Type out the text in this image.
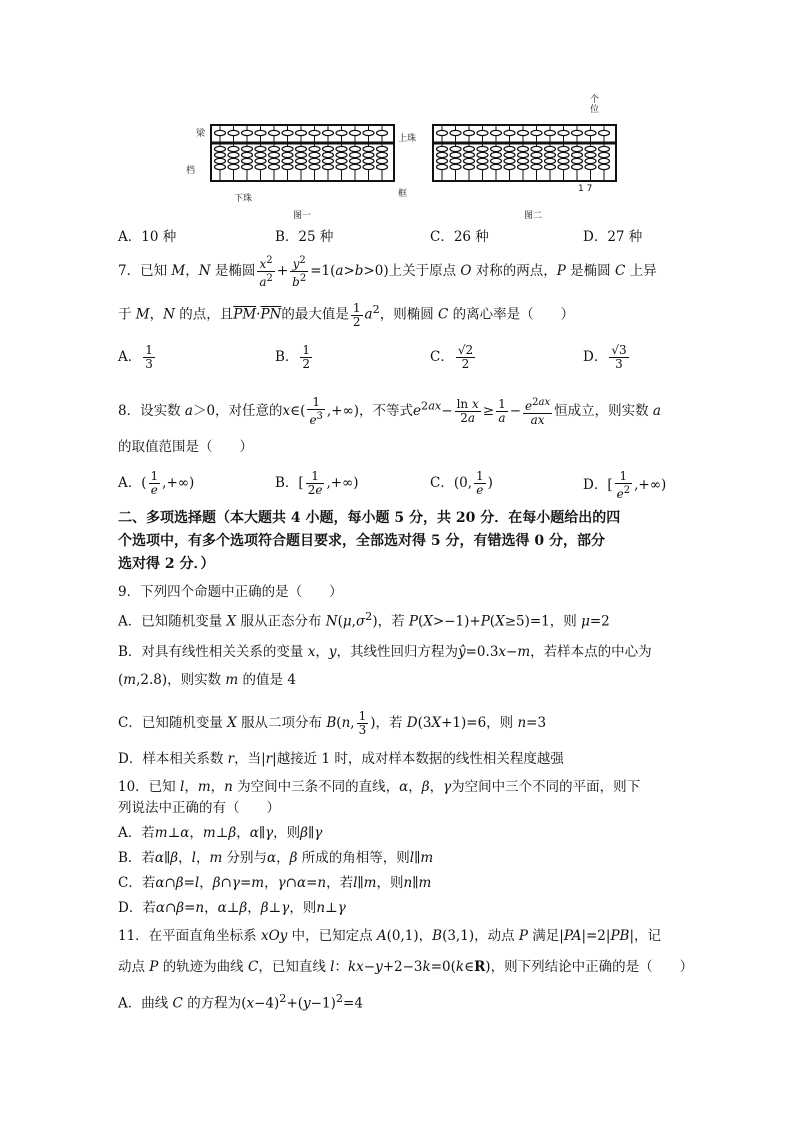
梁
档
上珠
下珠	框
图一
个位
1 7
图二
A．10 种	B．25 种	C．26 种	D．27 种
7．已知 M，N 是椭圆 $\frac{x^2}{a^2} + \frac{y^2}{b^2} =1(a>b>0)$上关于原点 O 对称的两点，P 是椭圆 C 上异
于 M，N 的点，且$\overline{PM}\cdot\overline{PN}$的最大值是 $\frac{1}{2} a^2$，则椭圆 C 的离心率是（　　）
A． $\frac{1}{3}$	B． $\frac{1}{2}$	C． $\frac{√2}{2}$	D． $\frac{√3}{3}$
8．设实数 a＞0，对任意的x∈( $\frac{1}{e^3}$ ,+∞)，不等式$e^{2ax}- \frac{\text{ln x}}{2a} \ge \frac{1}{a} - \frac{e^{2ax}}{ax}$ 恒成立，则实数 a
的取值范围是（　　）
A．( $\frac{1}{e}$ ,+∞)	B．[ $\frac{1}{2e}$ ,+∞)	C．(0, $\frac{1}{e}$ )	D．[ $\frac{1}{e^2}$ ,+∞)
二、多项选择题（本大题共 4 小题，每小题 5 分，共 20 分．在每小题给出的四
个选项中，有多个选项符合题目要求，全部选对得 5 分，有错选得 0 分，部分
选对得 2 分．）
9．下列四个命题中正确的是（　　）
A．已知随机变量 X 服从正态分布 $N(\mu,\sigma^2)$，若 P(X>−1)+P(X≥5)=1，则 μ=2
B．对具有线性相关关系的变量 x，y，其线性回归方程为ŷ=0.3x−m，若样本点的中心为
(m,2.8)，则实数 m 的值是 4
C．已知随机变量 X 服从二项分布 B(n, $\frac{1}{3}$ )，若 D(3X+1)=6，则 n=3
D．样本相关系数 r，当|r|越接近 1 时，成对样本数据的线性相关程度越强
10．已知 l，m，n 为空间中三条不同的直线，α，β，γ为空间中三个不同的平面，则下
列说法中正确的有（　　）
A．若m⊥α，m⊥β，α∥γ，则β∥γ
B．若α∥β，l，m 分别与α，β 所成的角相等，则l∥m
C．若α∩β=l，β∩γ=m，γ∩α=n，若l∥m，则n∥m
D．若α∩β=n，α⊥β，β⊥γ，则n⊥γ
11．在平面直角坐标系 xOy 中，已知定点 A(0,1)，B(3,1)，动点 P 满足|PA|=2|PB|，记
动点 P 的轨迹为曲线 C，已知直线 l：kx−y+2−3k=0(k∈R)，则下列结论中正确的是（　　）
A．曲线 C 的方程为$(x-4)^2+(y-1)^2=4$
